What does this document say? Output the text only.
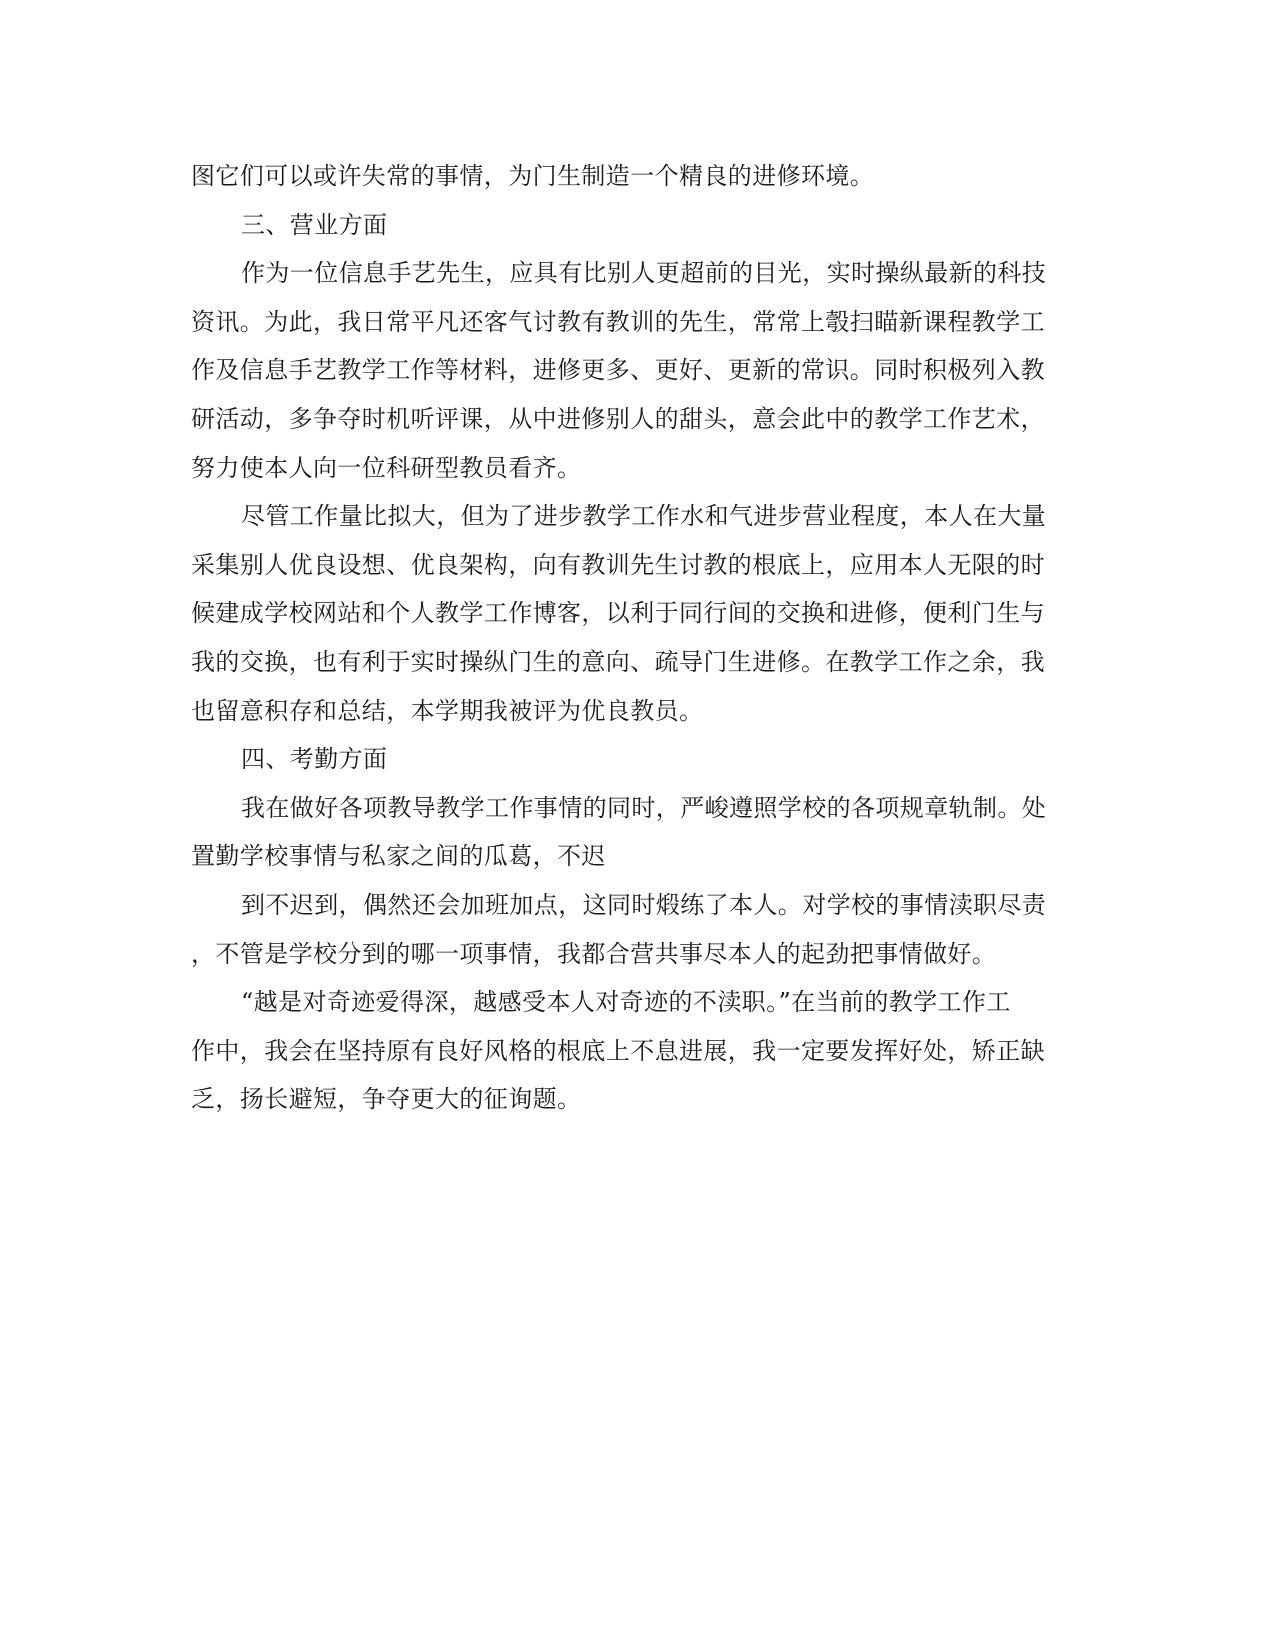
图它们可以或许失常的事情，为门生制造一个精良的进修环境。
三、营业方面
作为一位信息手艺先生，应具有比别人更超前的目光，实时操纵最新的科技
资讯。为此，我日常平凡还客气讨教有教训的先生，常常上彀扫瞄新课程教学工
作及信息手艺教学工作等材料，进修更多、更好、更新的常识。同时积极列入教
研活动，多争夺时机听评课，从中进修别人的甜头，意会此中的教学工作艺术，
努力使本人向一位科研型教员看齐。
尽管工作量比拟大，但为了进步教学工作水和气进步营业程度，本人在大量
采集别人优良设想、优良架构，向有教训先生讨教的根底上，应用本人无限的时
候建成学校网站和个人教学工作博客，以利于同行间的交换和进修，便利门生与
我的交换，也有利于实时操纵门生的意向、疏导门生进修。在教学工作之余，我
也留意积存和总结，本学期我被评为优良教员。
四、考勤方面
我在做好各项教导教学工作事情的同时，严峻遵照学校的各项规章轨制。处
置勤学校事情与私家之间的瓜葛，不迟
到不迟到，偶然还会加班加点，这同时煅练了本人。对学校的事情渎职尽责
，不管是学校分到的哪一项事情，我都合营共事尽本人的起劲把事情做好。
“越是对奇迹爱得深，越感受本人对奇迹的不渎职。”在当前的教学工作工
作中，我会在坚持原有良好风格的根底上不息进展，我一定要发挥好处，矫正缺
乏，扬长避短，争夺更大的征询题。
